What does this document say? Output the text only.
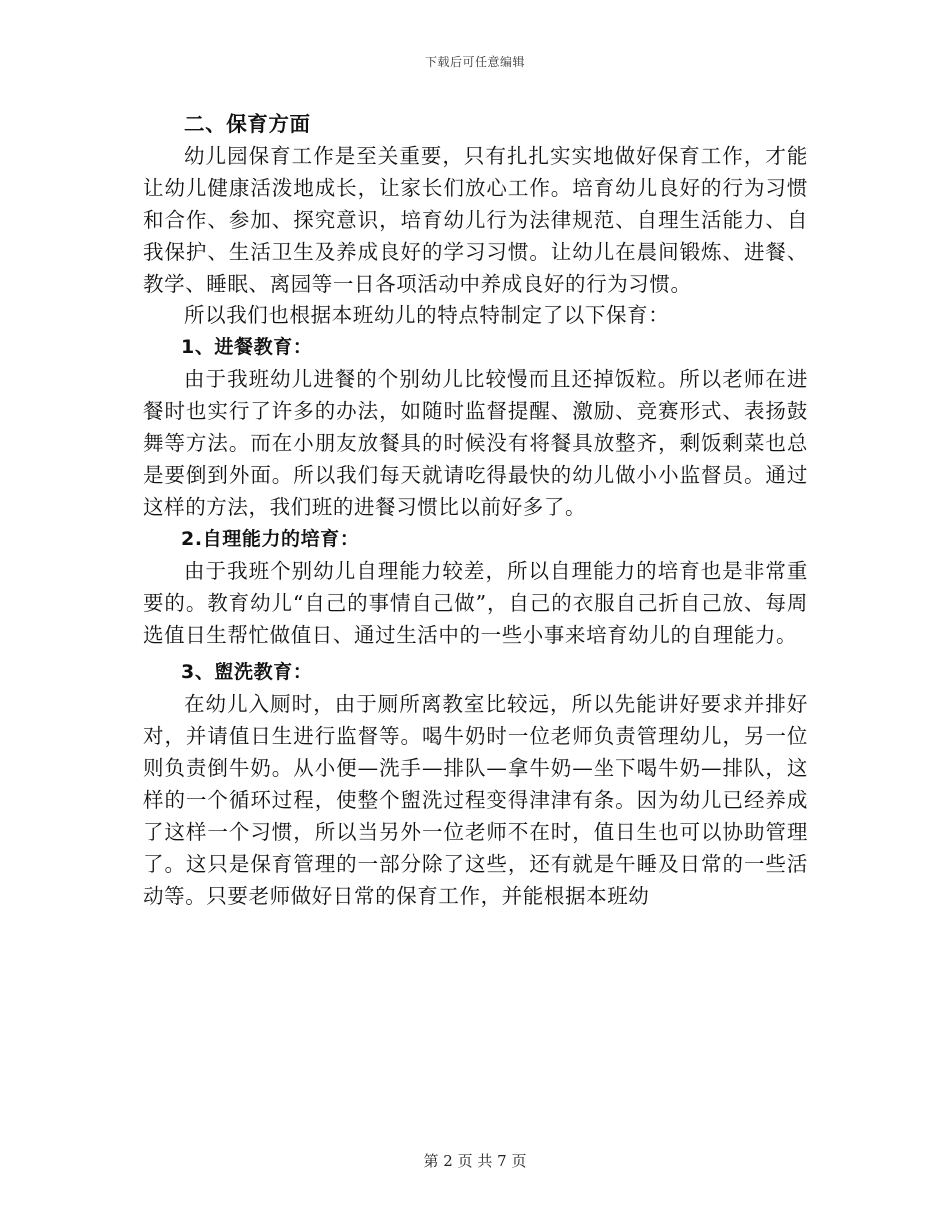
下载后可任意编辑
二、保育方面

幼儿园保育工作是至关重要，只有扎扎实实地做好保育工作，才能让幼儿健康活泼地成长，让家长们放心工作。培育幼儿良好的行为习惯和合作、参加、探究意识，培育幼儿行为法律规范、自理生活能力、自我保护、生活卫生及养成良好的学习习惯。让幼儿在晨间锻炼、进餐、教学、睡眠、离园等一日各项活动中养成良好的行为习惯。

所以我们也根据本班幼儿的特点特制定了以下保育：

1、进餐教育：

由于我班幼儿进餐的个别幼儿比较慢而且还掉饭粒。所以老师在进餐时也实行了许多的办法，如随时监督提醒、激励、竞赛形式、表扬鼓舞等方法。而在小朋友放餐具的时候没有将餐具放整齐，剩饭剩菜也总是要倒到外面。所以我们每天就请吃得最快的幼儿做小小监督员。通过这样的方法，我们班的进餐习惯比以前好多了。

2.自理能力的培育：

由于我班个别幼儿自理能力较差，所以自理能力的培育也是非常重要的。教育幼儿“自己的事情自己做”，自己的衣服自己折自己放、每周选值日生帮忙做值日、通过生活中的一些小事来培育幼儿的自理能力。

3、盥洗教育：

在幼儿入厕时，由于厕所离教室比较远，所以先能讲好要求并排好对，并请值日生进行监督等。喝牛奶时一位老师负责管理幼儿，另一位则负责倒牛奶。从小便—洗手—排队—拿牛奶—坐下喝牛奶—排队，这样的一个循环过程，使整个盥洗过程变得津津有条。因为幼儿已经养成了这样一个习惯，所以当另外一位老师不在时，值日生也可以协助管理了。这只是保育管理的一部分除了这些，还有就是午睡及日常的一些活动等。只要老师做好日常的保育工作，并能根据本班幼

第 2 页 共 7 页
